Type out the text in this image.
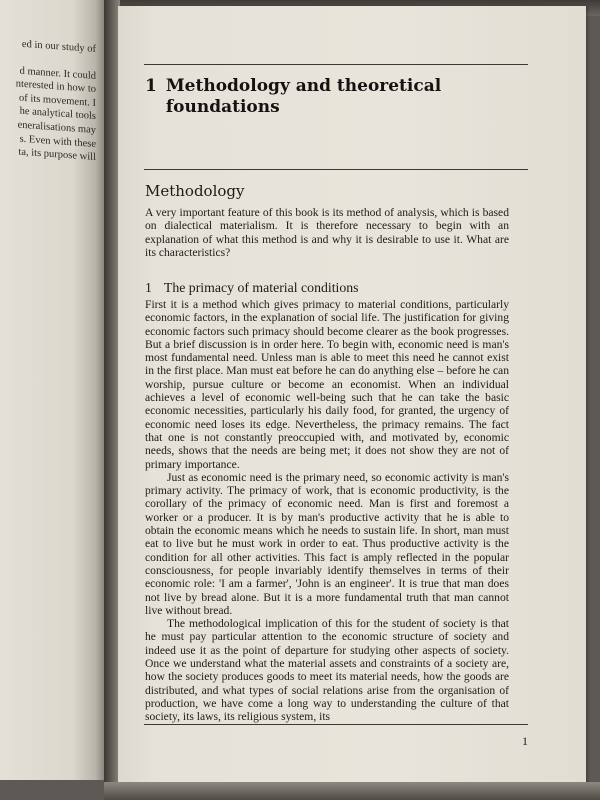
ed in our study of
d manner. It could
nterested in how to
of its movement. I
he analytical tools
eneralisations may
s. Even with these
ta, its purpose will
1 Methodology and theoretical foundations
Methodology
A very important feature of this book is its method of analysis, which is based on dialectical materialism. It is therefore necessary to begin with an explanation of what this method is and why it is desirable to use it. What are its characteristics?
1 The primacy of material conditions

First it is a method which gives primacy to material conditions, particularly economic factors, in the explanation of social life. The justification for giving economic factors such primacy should become clearer as the book progresses. But a brief discussion is in order here. To begin with, economic need is man's most fundamental need. Unless man is able to meet this need he cannot exist in the first place. Man must eat before he can do anything else – before he can worship, pursue culture or become an economist. When an individual achieves a level of economic well-being such that he can take the basic economic necessities, particularly his daily food, for granted, the urgency of economic need loses its edge. Nevertheless, the primacy remains. The fact that one is not constantly preoccupied with, and motivated by, economic needs, shows that the needs are being met; it does not show they are not of primary importance.

Just as economic need is the primary need, so economic activity is man's primary activity. The primacy of work, that is economic productivity, is the corollary of the primacy of economic need. Man is first and foremost a worker or a producer. It is by man's productive activity that he is able to obtain the economic means which he needs to sustain life. In short, man must eat to live but he must work in order to eat. Thus productive activity is the condition for all other activities. This fact is amply reflected in the popular consciousness, for people invariably identify themselves in terms of their economic role: 'I am a farmer', 'John is an engineer'. It is true that man does not live by bread alone. But it is a more fundamental truth that man cannot live without bread.

The methodological implication of this for the student of society is that he must pay particular attention to the economic structure of society and indeed use it as the point of departure for studying other aspects of society. Once we understand what the material assets and constraints of a society are, how the society produces goods to meet its material needs, how the goods are distributed, and what types of social relations arise from the organisation of production, we have come a long way to understanding the culture of that society, its laws, its religious system, its

1
